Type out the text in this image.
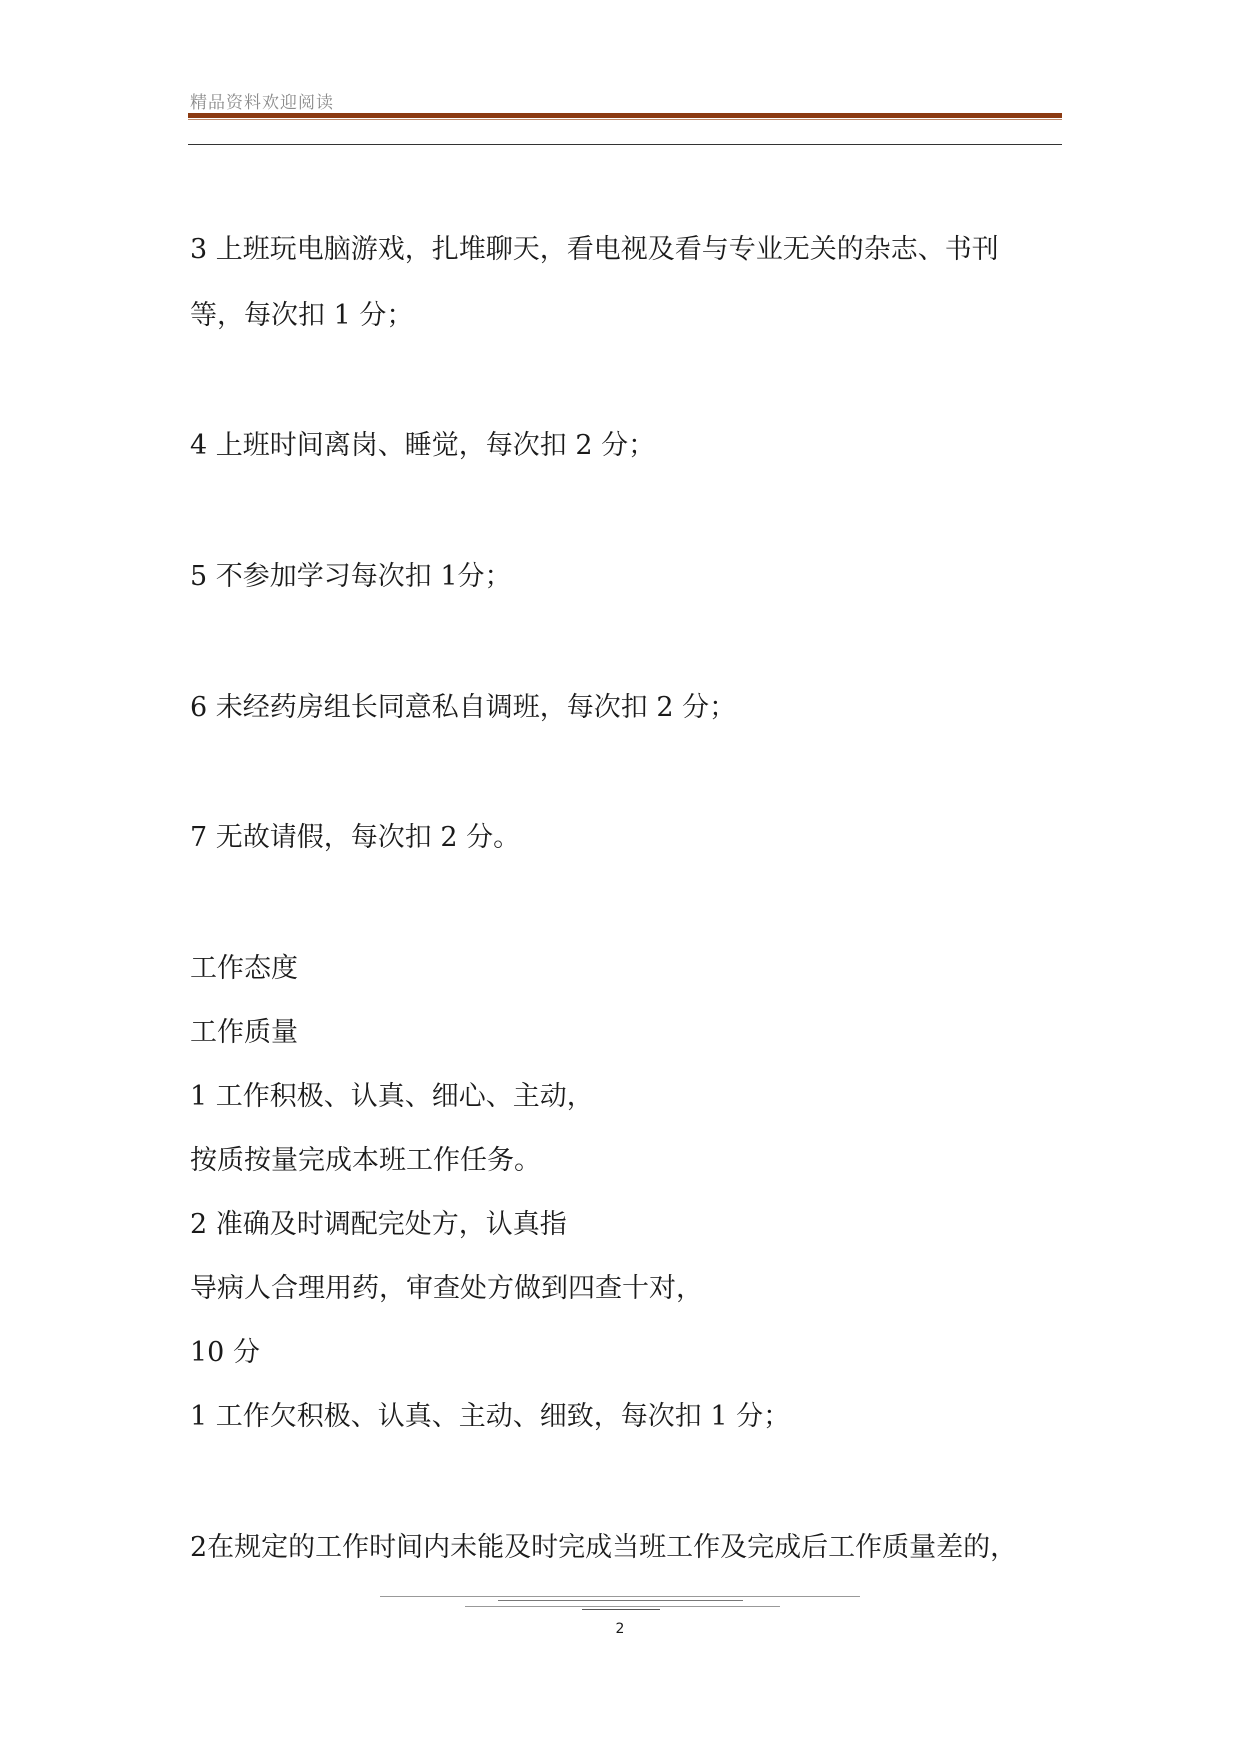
精品资料欢迎阅读
3 上班玩电脑游戏，扎堆聊天，看电视及看与专业无关的杂志、书刊
等，每次扣 1 分；
4 上班时间离岗、睡觉，每次扣 2 分；
5 不参加学习每次扣 1分；
6 未经药房组长同意私自调班，每次扣 2 分；
7 无故请假，每次扣 2 分。
工作态度
工作质量
1 工作积极、认真、细心、主动，
按质按量完成本班工作任务。
2 准确及时调配完处方，认真指
导病人合理用药，审查处方做到四查十对，
10 分
1 工作欠积极、认真、主动、细致，每次扣 1 分；
2在规定的工作时间内未能及时完成当班工作及完成后工作质量差的，
2
